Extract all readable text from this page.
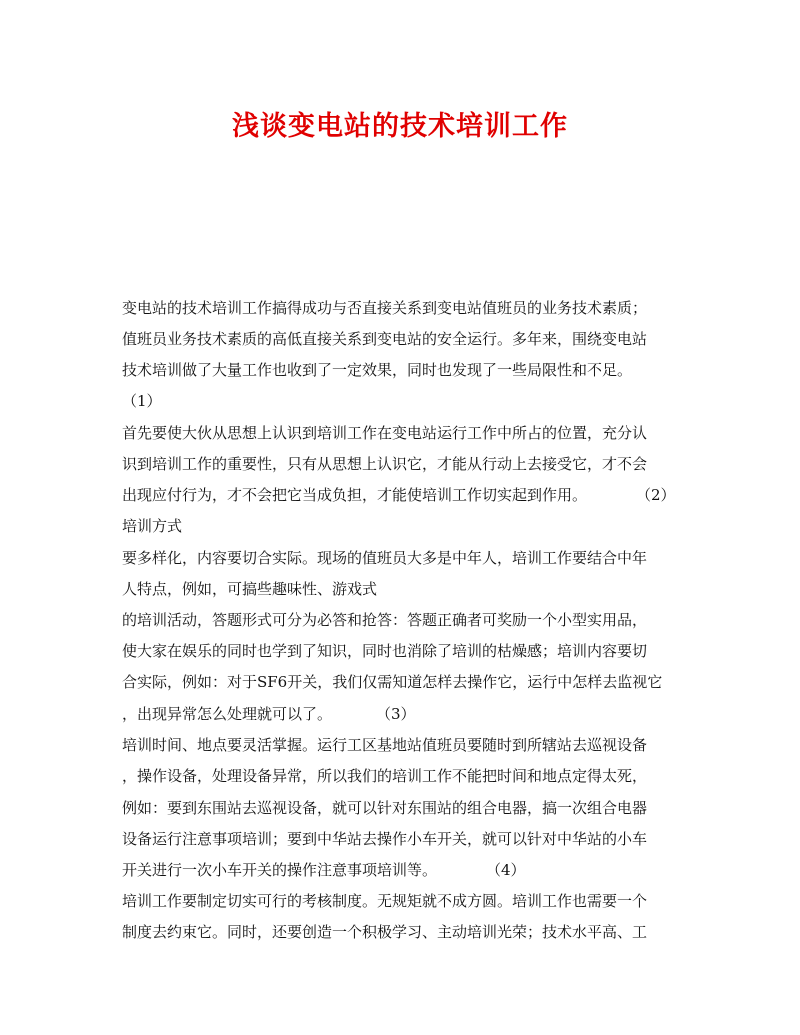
浅谈变电站的技术培训工作
变电站的技术培训工作搞得成功与否直接关系到变电站值班员的业务技术素质；
值班员业务技术素质的高低直接关系到变电站的安全运行。多年来，围绕变电站
技术培训做了大量工作也收到了一定效果，同时也发现了一些局限性和不足。
（1）
首先要使大伙从思想上认识到培训工作在变电站运行工作中所占的位置，充分认
识到培训工作的重要性，只有从思想上认识它，才能从行动上去接受它，才不会
出现应付行为，才不会把它当成负担，才能使培训工作切实起到作用。	（2）
培训方式
要多样化，内容要切合实际。现场的值班员大多是中年人，培训工作要结合中年
人特点，例如，可搞些趣味性、游戏式
的培训活动，答题形式可分为必答和抢答：答题正确者可奖励一个小型实用品，
使大家在娱乐的同时也学到了知识，同时也消除了培训的枯燥感；培训内容要切
合实际，例如：对于SF6开关，我们仅需知道怎样去操作它，运行中怎样去监视它
，出现异常怎么处理就可以了。	（3）
培训时间、地点要灵活掌握。运行工区基地站值班员要随时到所辖站去巡视设备
，操作设备，处理设备异常，所以我们的培训工作不能把时间和地点定得太死，
例如：要到东围站去巡视设备，就可以针对东围站的组合电器，搞一次组合电器
设备运行注意事项培训；要到中华站去操作小车开关，就可以针对中华站的小车
开关进行一次小车开关的操作注意事项培训等。	（4）
培训工作要制定切实可行的考核制度。无规矩就不成方圆。培训工作也需要一个
制度去约束它。同时，还要创造一个积极学习、主动培训光荣；技术水平高、工
